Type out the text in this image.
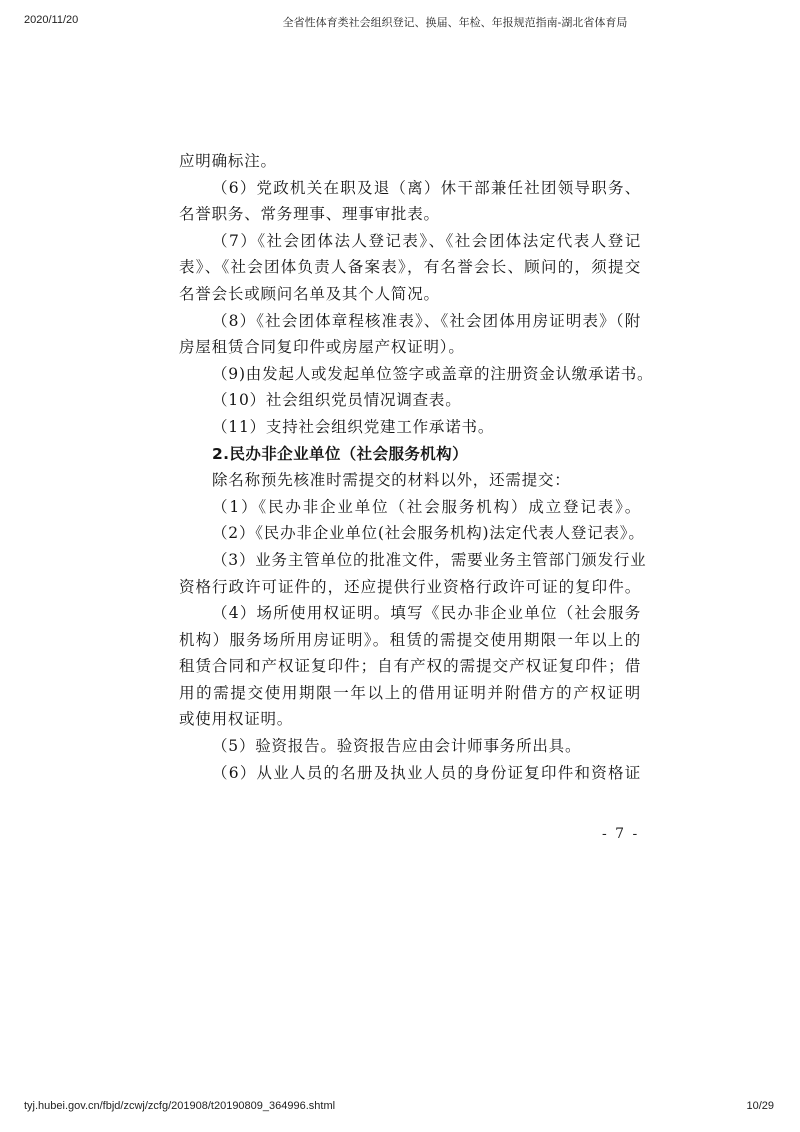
2020/11/20	全省性体育类社会组织登记、换届、年检、年报规范指南-湖北省体育局
应明确标注。
（6）党政机关在职及退（离）休干部兼任社团领导职务、
名誉职务、常务理事、理事审批表。
（7）《社会团体法人登记表》、《社会团体法定代表人登记
表》、《社会团体负责人备案表》，有名誉会长、顾问的，须提交
名誉会长或顾问名单及其个人简况。
（8）《社会团体章程核准表》、《社会团体用房证明表》（附
房屋租赁合同复印件或房屋产权证明）。
（9)由发起人或发起单位签字或盖章的注册资金认缴承诺书。
（10）社会组织党员情况调查表。
（11）支持社会组织党建工作承诺书。
2.民办非企业单位（社会服务机构）
除名称预先核准时需提交的材料以外，还需提交：
（1）《民办非企业单位（社会服务机构）成立登记表》。
（2）《民办非企业单位(社会服务机构)法定代表人登记表》。
（3）业务主管单位的批准文件，需要业务主管部门颁发行业
资格行政许可证件的，还应提供行业资格行政许可证的复印件。
（4）场所使用权证明。填写《民办非企业单位（社会服务
机构）服务场所用房证明》。租赁的需提交使用期限一年以上的
租赁合同和产权证复印件；自有产权的需提交产权证复印件；借
用的需提交使用期限一年以上的借用证明并附借方的产权证明
或使用权证明。
（5）验资报告。验资报告应由会计师事务所出具。
（6）从业人员的名册及执业人员的身份证复印件和资格证
- 7 -
tyj.hubei.gov.cn/fbjd/zcwj/zcfg/201908/t20190809_364996.shtml	10/29
